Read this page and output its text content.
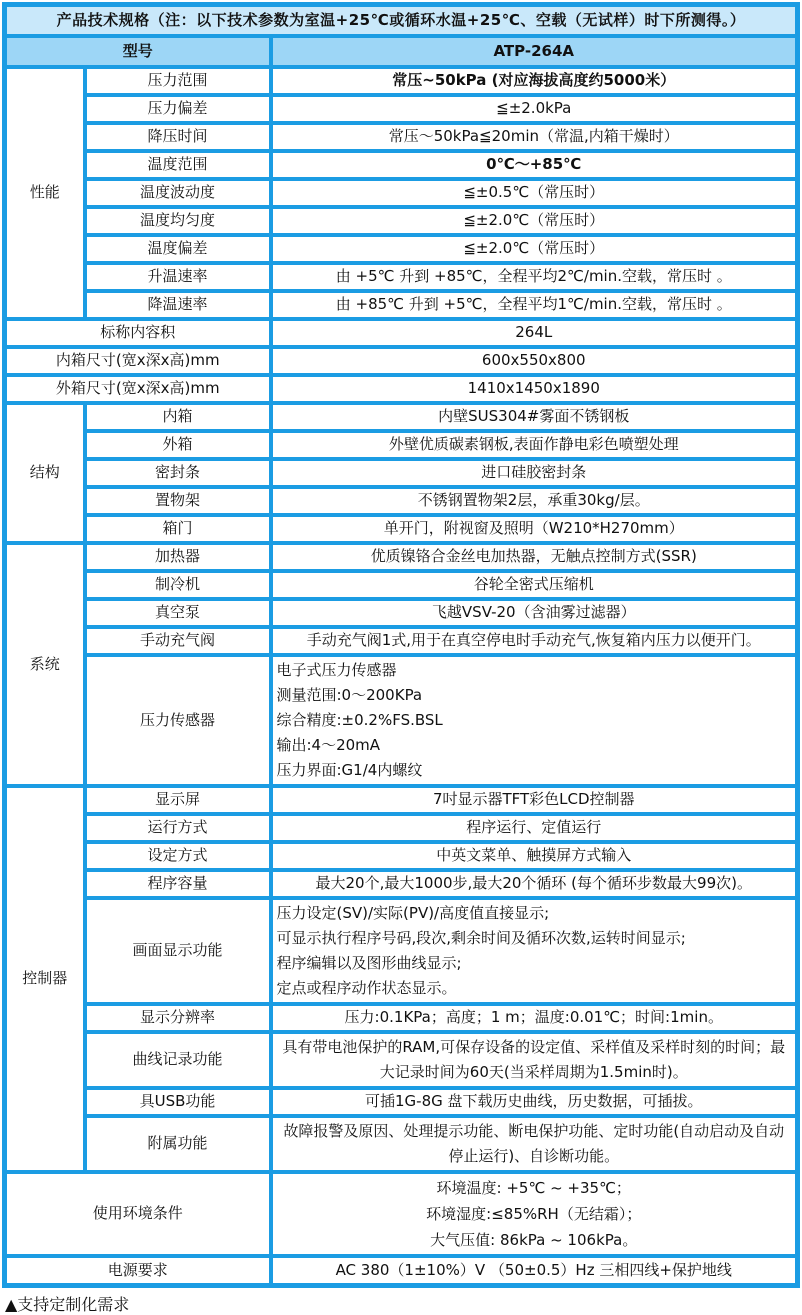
产品技术规格（注：以下技术参数为室温+25℃或循环水温+25℃、空载（无试样）时下所测得。）		
型号		ATP-264A
性能	压力范围	常压~50kPa (对应海拔高度约5000米）
	压力偏差	≦±2.0kPa
	降压时间	常压～50kPa≦20min（常温,内箱干燥时）
	温度范围	0℃～+85℃
	温度波动度	≦±0.5℃（常压时）
	温度均匀度	≦±2.0℃（常压时）
	温度偏差	≦±2.0℃（常压时）
	升温速率	由 +5℃ 升到 +85℃，全程平均2℃/min.空载，常压时 。
	降温速率	由 +85℃ 升到 +5℃，全程平均1℃/min.空载，常压时 。
标称内容积		264L
内箱尺寸(宽x深x高)mm		600x550x800
外箱尺寸(宽x深x高)mm		1410x1450x1890
结构	内箱	内壁SUS304#雾面不锈钢板
	外箱	外壁优质碳素钢板,表面作静电彩色喷塑处理
	密封条	进口硅胶密封条
	置物架	不锈钢置物架2层，承重30kg/层。
	箱门	单开门，附视窗及照明（W210*H270mm）
系统	加热器	优质镍铬合金丝电加热器，无触点控制方式(SSR)
	制冷机	谷轮全密式压缩机
	真空泵	飞越VSV-20（含油雾过滤器）
	手动充气阀	手动充气阀1式,用于在真空停电时手动充气,恢复箱内压力以便开门。
	压力传感器	电子式压力传感器
测量范围:0〜200KPa
综合精度:±0.2%FS.BSL
输出:4〜20mA
压力界面:G1/4内螺纹

控制器	显示屏	7吋显示器TFT彩色LCD控制器
	运行方式	程序运行、定值运行
	设定方式	中英文菜单、触摸屏方式输入
	程序容量	最大20个,最大1000步,最大20个循环 (每个循环步数最大99次)。
	画面显示功能	压力设定(SV)/实际(PV)/高度值直接显示;
可显示执行程序号码,段次,剩余时间及循环次数,运转时间显示;
程序编辑以及图形曲线显示;
定点或程序动作状态显示。

	显示分辨率	压力:0.1KPa；高度；1 m；温度:0.01℃；时间:1min。
	曲线记录功能	具有带电池保护的RAM,可保存设备的设定值、采样值及采样时刻的时间；最大记录时间为60天(当采样周期为1.5min时)。
	具USB功能	可插1G-8G 盘下载历史曲线，历史数据，可插拔。
	附属功能	故障报警及原因、处理提示功能、断电保护功能、定时功能(自动启动及自动停止运行)、自诊断功能。
使用环境条件		环境温度: +5℃ ~ +35℃；
环境湿度:≤85%RH（无结霜）；
大气压值: 86kPa ~ 106kPa。

电源要求		AC 380（1±10%）V （50±0.5）Hz 三相四线+保护地线
▲支持定制化需求
